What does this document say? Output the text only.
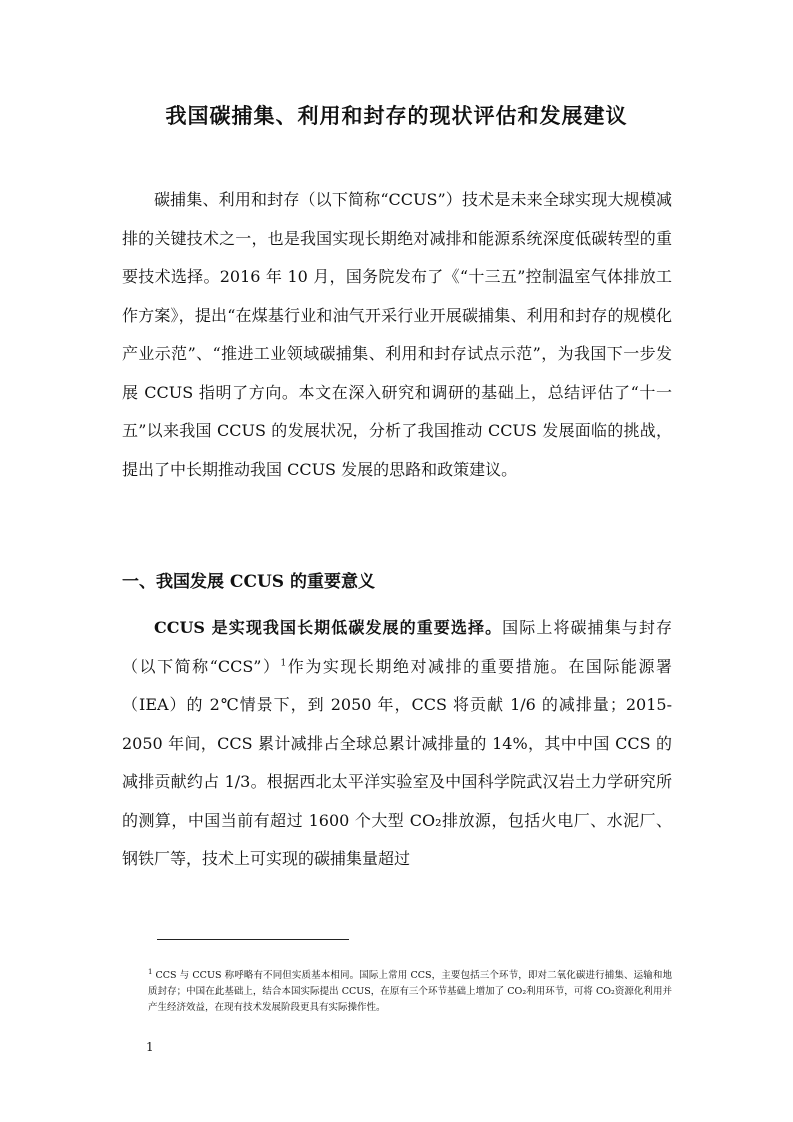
我国碳捕集、利用和封存的现状评估和发展建议

碳捕集、利用和封存（以下简称“CCUS”）技术是未来全球实现大规模减排的关键技术之一，也是我国实现长期绝对减排和能源系统深度低碳转型的重要技术选择。2016 年 10 月，国务院发布了《“十三五”控制温室气体排放工作方案》，提出“在煤基行业和油气开采行业开展碳捕集、利用和封存的规模化产业示范”、“推进工业领域碳捕集、利用和封存试点示范”，为我国下一步发展 CCUS 指明了方向。本文在深入研究和调研的基础上，总结评估了“十一五”以来我国 CCUS 的发展状况，分析了我国推动 CCUS 发展面临的挑战，提出了中长期推动我国 CCUS 发展的思路和政策建议。

一、我国发展 CCUS 的重要意义

CCUS 是实现我国长期低碳发展的重要选择。国际上将碳捕集与封存（以下简称“CCS”）$^1$作为实现长期绝对减排的重要措施。在国际能源署（IEA）的 2℃情景下，到 2050 年，CCS 将贡献 1/6 的减排量；2015-2050 年间，CCS 累计减排占全球总累计减排量的 14%，其中中国 CCS 的减排贡献约占 1/3。根据西北太平洋实验室及中国科学院武汉岩土力学研究所的测算，中国当前有超过 1600 个大型 CO₂排放源，包括火电厂、水泥厂、钢铁厂等，技术上可实现的碳捕集量超过

$^1$ CCS 与 CCUS 称呼略有不同但实质基本相同。国际上常用 CCS，主要包括三个环节，即对二氧化碳进行捕集、运输和地质封存；中国在此基础上，结合本国实际提出 CCUS，在原有三个环节基础上增加了 CO₂利用环节，可将 CO₂资源化利用并产生经济效益，在现有技术发展阶段更具有实际操作性。

1
